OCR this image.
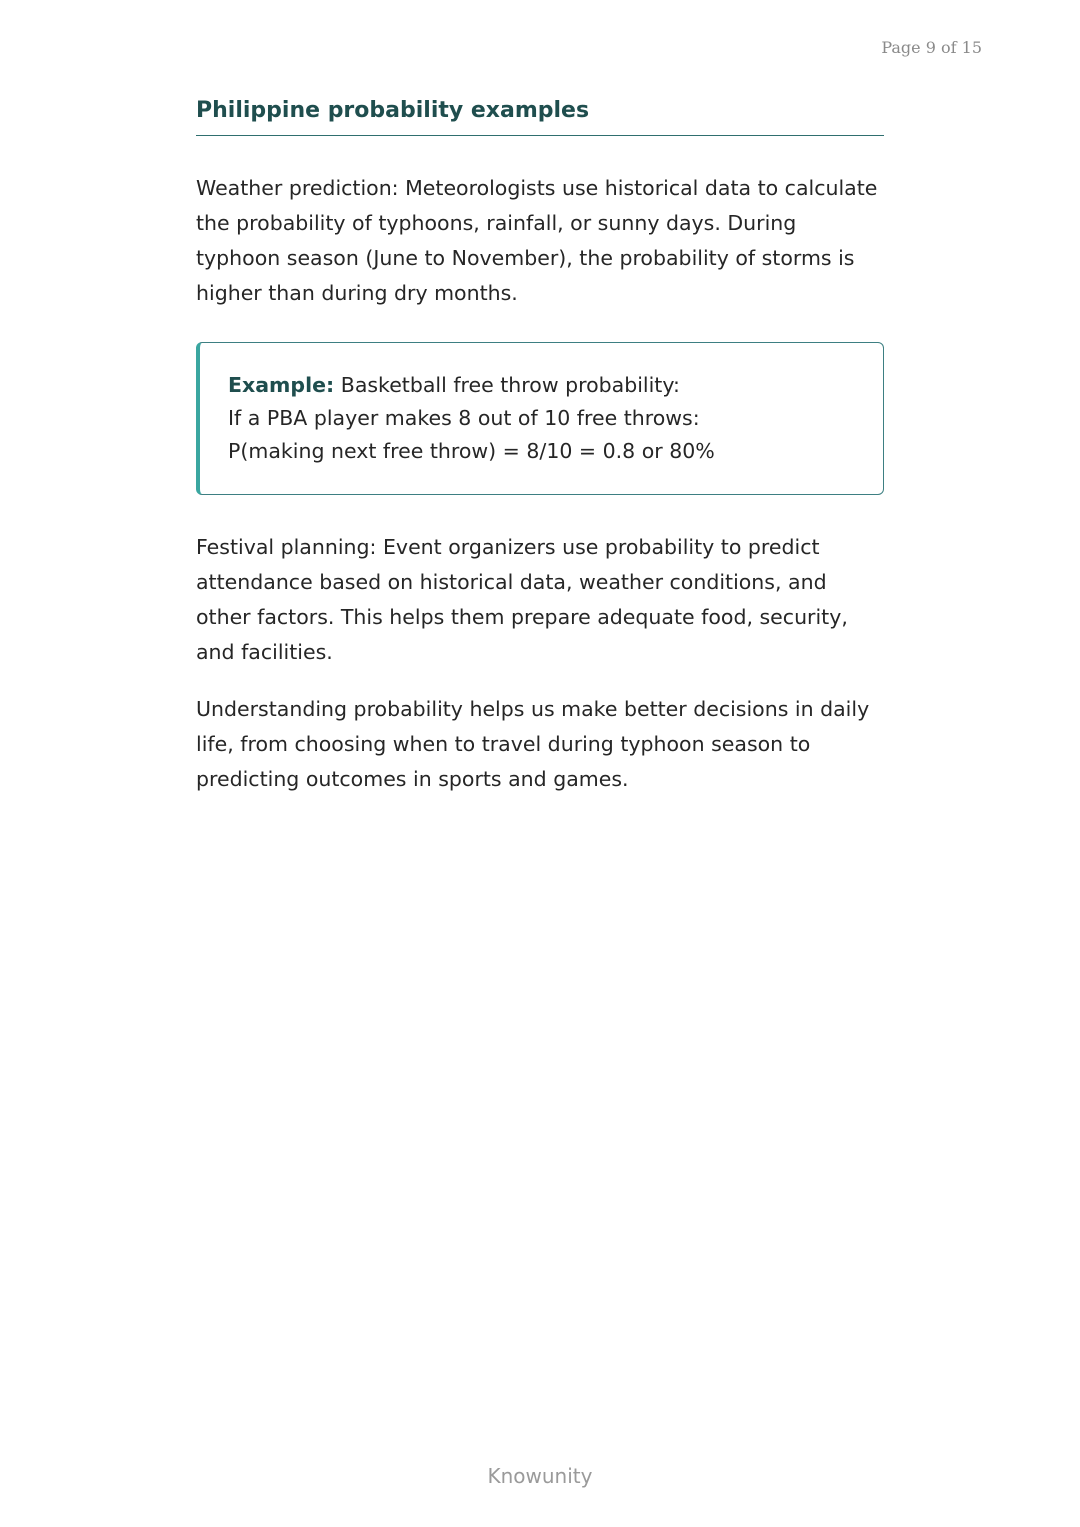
Page 9 of 15
Philippine probability examples

Weather prediction: Meteorologists use historical data to calculate the probability of typhoons, rainfall, or sunny days. During typhoon season (June to November), the probability of storms is higher than during dry months.

Example: Basketball free throw probability:
If a PBA player makes 8 out of 10 free throws:
P(making next free throw) = 8/10 = 0.8 or 80%

Festival planning: Event organizers use probability to predict attendance based on historical data, weather conditions, and other factors. This helps them prepare adequate food, security, and facilities.

Understanding probability helps us make better decisions in daily life, from choosing when to travel during typhoon season to predicting outcomes in sports and games.

Knowunity
